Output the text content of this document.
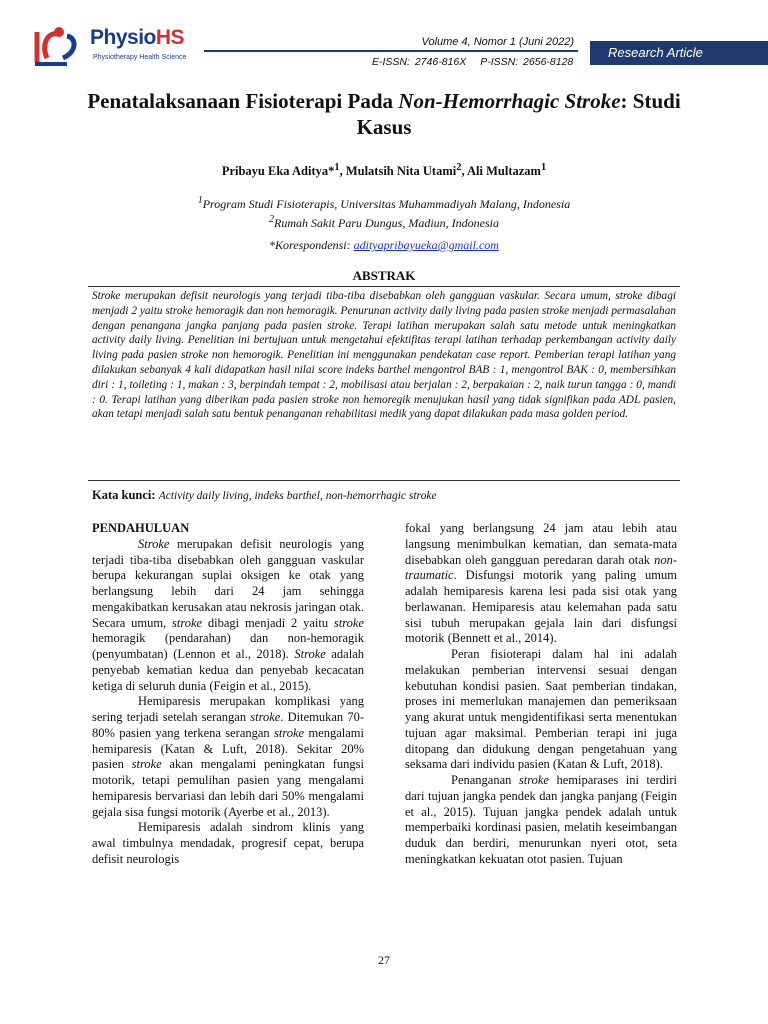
PhysioHS
Physiotherapy Health Science
Volume 4, Nomor 1 (Juni 2022)
E-ISSN: 2746-816X P-ISSN: 2656-8128
Research Article
Penatalaksanaan Fisioterapi Pada Non-Hemorrhagic Stroke: Studi Kasus
Pribayu Eka Aditya*$^1$, Mulatsih Nita Utami$^2$, Ali Multazam$^1$
$^1$Program Studi Fisioterapis, Universitas Muhammadiyah Malang, Indonesia
$^2$Rumah Sakit Paru Dungus, Madiun, Indonesia
*Korespondensi: adityapribayueka@gmail.com
ABSTRAK
Stroke merupakan defisit neurologis yang terjadi tiba-tiba disebabkan oleh gangguan vaskular. Secara umum, stroke dibagi menjadi 2 yaitu stroke hemoragik dan non hemoragik. Penurunan activity daily living pada pasien stroke menjadi permasalahan dengan penangana jangka panjang pada pasien stroke. Terapi latihan merupakan salah satu metode untuk meningkatkan activity daily living. Penelitian ini bertujuan untuk mengetahui efektifitas terapi latihan terhadap perkembangan activity daily living pada pasien stroke non hemorogik. Penelitian ini menggunakan pendekatan case report. Pemberian terapi latihan yang dilakukan sebanyak 4 kali didapatkan hasil nilai score indeks barthel mengontrol BAB : 1, mengontrol BAK : 0, membersihkan diri : 1, toileting : 1, makan : 3, berpindah tempat : 2, mobilisasi atau berjalan : 2, berpakaian : 2, naik turun tangga : 0, mandi : 0. Terapi latihan yang diberikan pada pasien stroke non hemoregik menujukan hasil yang tidak signifikan pada ADL pasien, akan tetapi menjadi salah satu bentuk penanganan rehabilitasi medik yang dapat dilakukan pada masa golden period.
Kata kunci: Activity daily living, indeks barthel, non-hemorrhagic stroke
PENDAHULUAN

Stroke merupakan defisit neurologis yang terjadi tiba-tiba disebabkan oleh gangguan vaskular berupa kekurangan suplai oksigen ke otak yang berlangsung lebih dari 24 jam sehingga mengakibatkan kerusakan atau nekrosis jaringan otak. Secara umum, stroke dibagi menjadi 2 yaitu stroke hemoragik (pendarahan) dan non-hemoragik (penyumbatan) (Lennon et al., 2018). Stroke adalah penyebab kematian kedua dan penyebab kecacatan ketiga di seluruh dunia (Feigin et al., 2015).

Hemiparesis merupakan komplikasi yang sering terjadi setelah serangan stroke. Ditemukan 70-80% pasien yang terkena serangan stroke mengalami hemiparesis (Katan & Luft, 2018). Sekitar 20% pasien stroke akan mengalami peningkatan fungsi motorik, tetapi pemulihan pasien yang mengalami hemiparesis bervariasi dan lebih dari 50% mengalami gejala sisa fungsi motorik (Ayerbe et al., 2013).

Hemiparesis adalah sindrom klinis yang awal timbulnya mendadak, progresif cepat, berupa defisit neurologis

fokal yang berlangsung 24 jam atau lebih atau langsung menimbulkan kematian, dan semata-mata disebabkan oleh gangguan peredaran darah otak non-traumatic. Disfungsi motorik yang paling umum adalah hemiparesis karena lesi pada sisi otak yang berlawanan. Hemiparesis atau kelemahan pada satu sisi tubuh merupakan gejala lain dari disfungsi motorik (Bennett et al., 2014).

Peran fisioterapi dalam hal ini adalah melakukan pemberian intervensi sesuai dengan kebutuhan kondisi pasien. Saat pemberian tindakan, proses ini memerlukan manajemen dan pemeriksaan yang akurat untuk mengidentifikasi serta menentukan tujuan agar maksimal. Pemberian terapi ini juga ditopang dan didukung dengan pengetahuan yang seksama dari individu pasien (Katan & Luft, 2018).

Penanganan stroke hemiparases ini terdiri dari tujuan jangka pendek dan jangka panjang (Feigin et al., 2015). Tujuan jangka pendek adalah untuk memperbaiki kordinasi pasien, melatih keseimbangan duduk dan berdiri, menurunkan nyeri otot, seta meningkatkan kekuatan otot pasien. Tujuan

27
